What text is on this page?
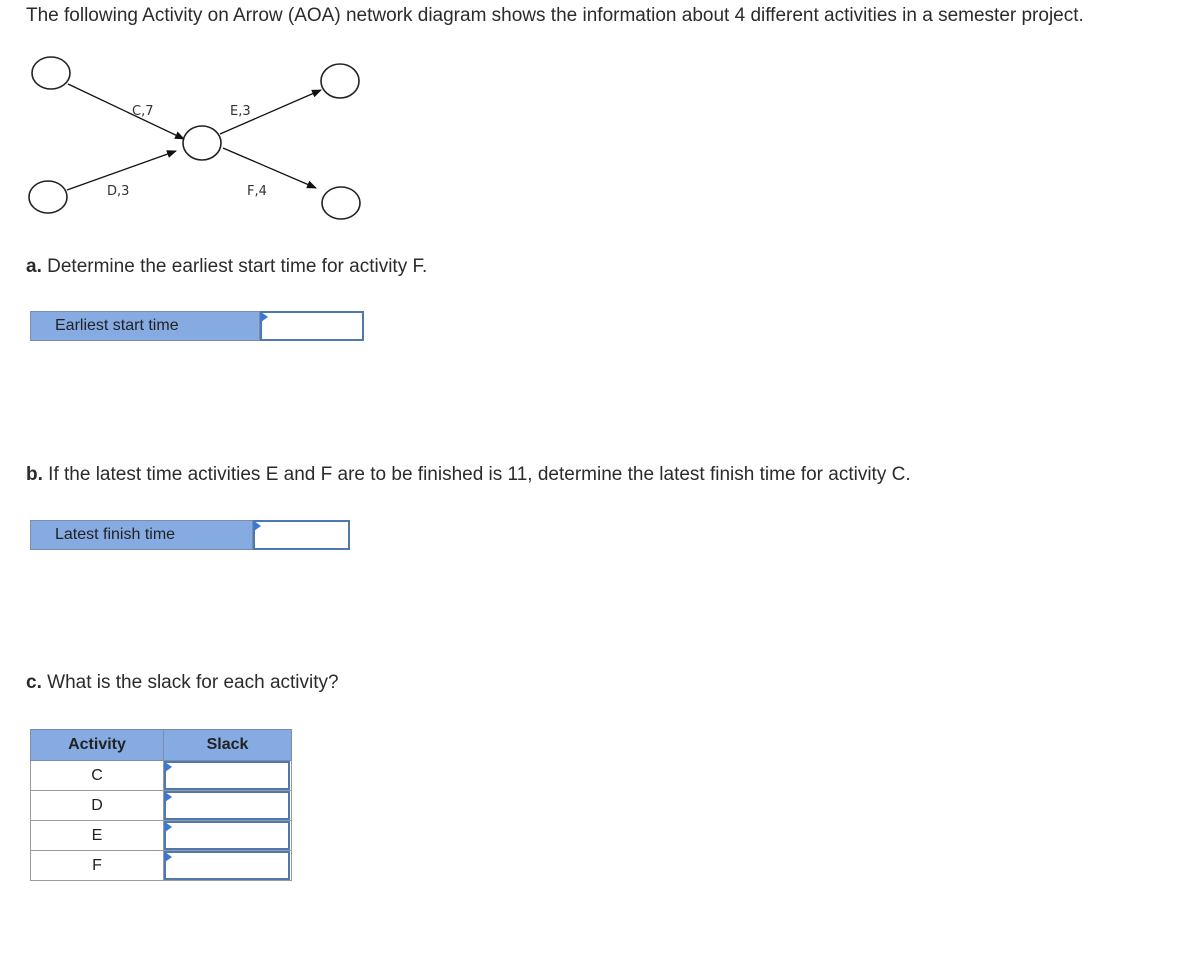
The following Activity on Arrow (AOA) network diagram shows the information about 4 different activities in a semester project.

C,7
D,3
E,3
F,4

a. Determine the earliest start time for activity F.

Earliest start time

b. If the latest time activities E and F are to be finished is 11, determine the latest finish time for activity C.

Latest finish time

c. What is the slack for each activity?

Activity	Slack
C	

D	

E	

F	
